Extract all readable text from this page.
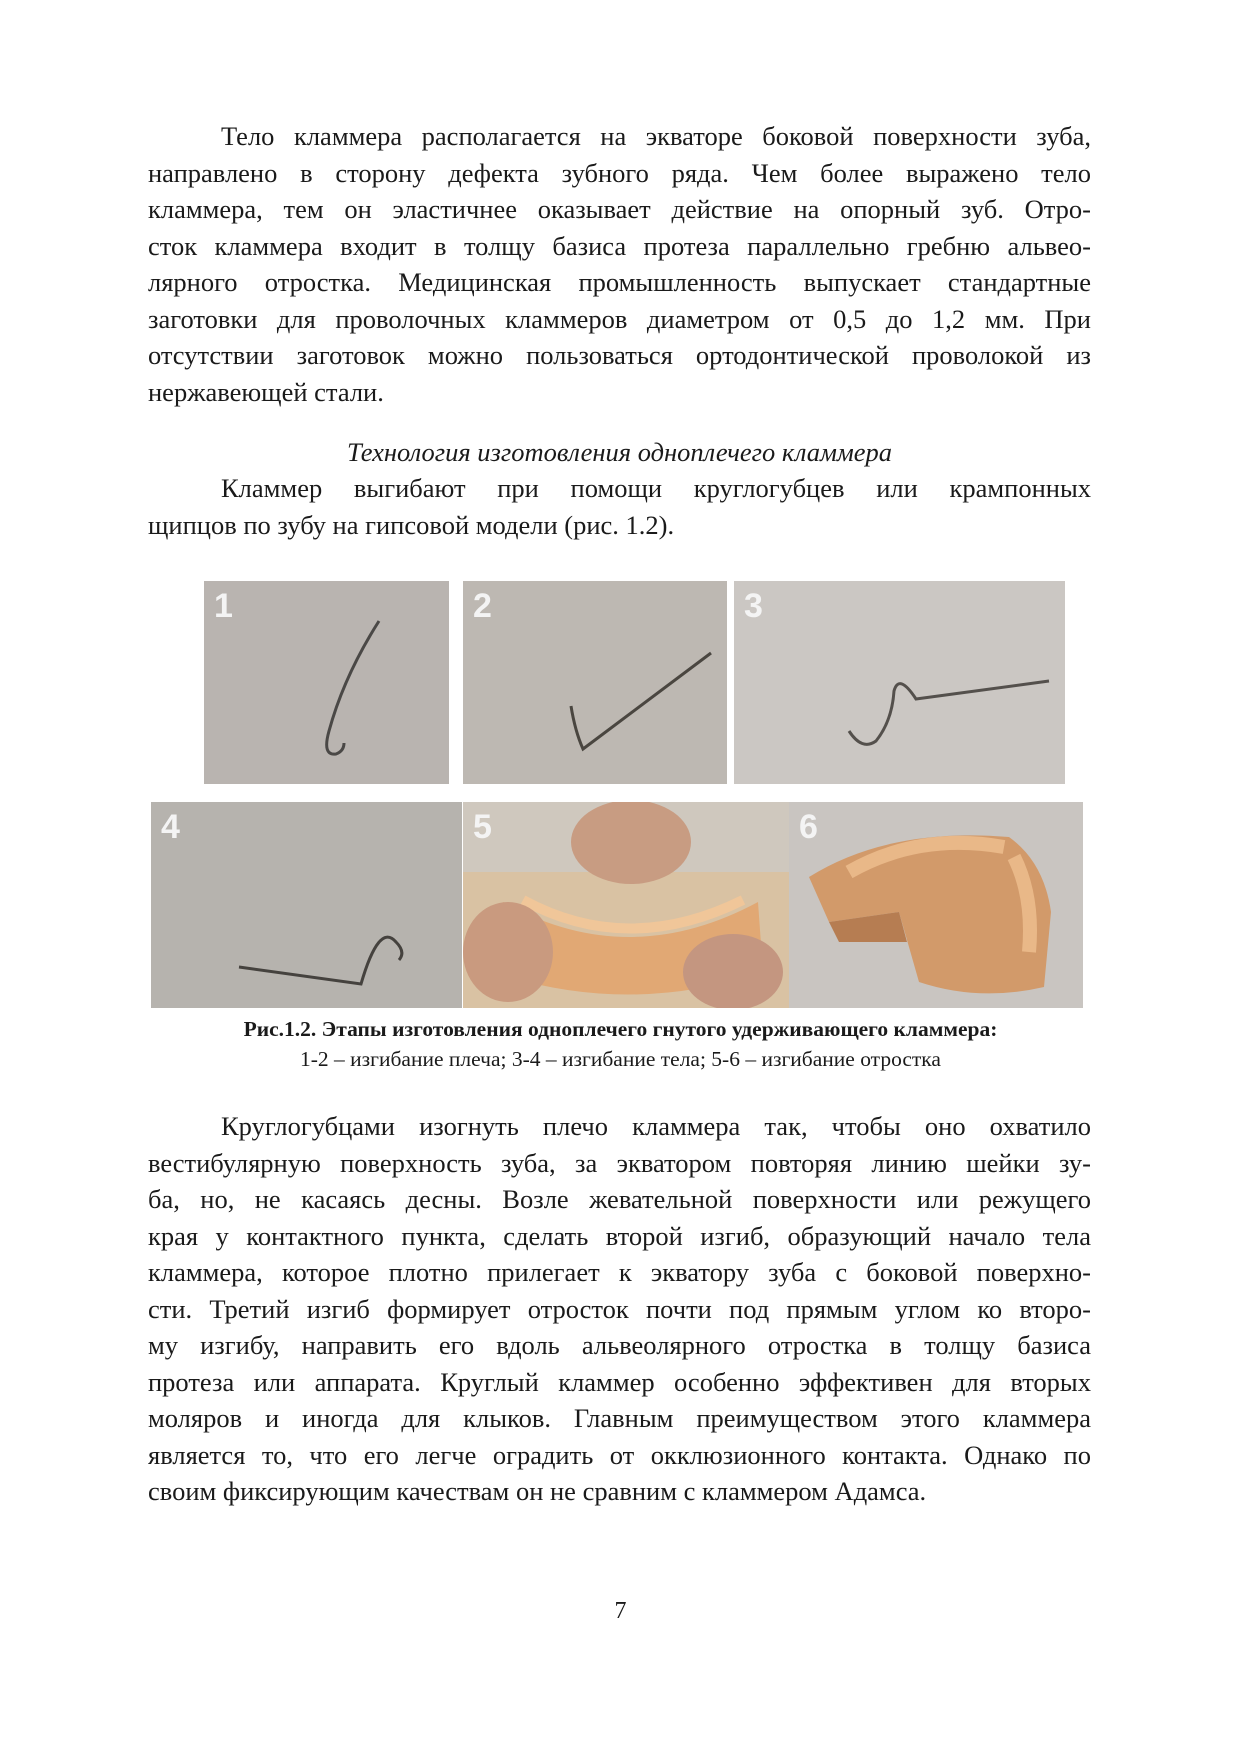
Тело кламмера располагается на экваторе боковой поверхности зуба,
направлено в сторону дефекта зубного ряда. Чем более выражено тело
кламмера, тем он эластичнее оказывает действие на опорный зуб. Отро-
сток кламмера входит в толщу базиса протеза параллельно гребню альвео-
лярного отростка. Медицинская промышленность выпускает стандартные
заготовки для проволочных кламмеров диаметром от 0,5 до 1,2 мм. При
отсутствии заготовок можно пользоваться ортодонтической проволокой из
нержавеющей стали.

Технология изготовления одноплечего кламмера

Кламмер выгибают при помощи круглогубцев или крампонных
щипцов по зубу на гипсовой модели (рис. 1.2).
1	2	3
4	5	6

Рис.1.2. Этапы изготовления одноплечего гнутого удерживающего кламмера:

1-2 – изгибание плеча; 3-4 – изгибание тела; 5-6 – изгибание отростка

Круглогубцами изогнуть плечо кламмера так, чтобы оно охватило
вестибулярную поверхность зуба, за экватором повторяя линию шейки зу-
ба, но, не касаясь десны. Возле жевательной поверхности или режущего
края у контактного пункта, сделать второй изгиб, образующий начало тела
кламмера, которое плотно прилегает к экватору зуба с боковой поверхно-
сти. Третий изгиб формирует отросток почти под прямым углом ко второ-
му изгибу, направить его вдоль альвеолярного отростка в толщу базиса
протеза или аппарата. Круглый кламмер особенно эффективен для вторых
моляров и иногда для клыков. Главным преимуществом этого кламмера
является то, что его легче оградить от окклюзионного контакта. Однако по
своим фиксирующим качествам он не сравним с кламмером Адамса.

7
